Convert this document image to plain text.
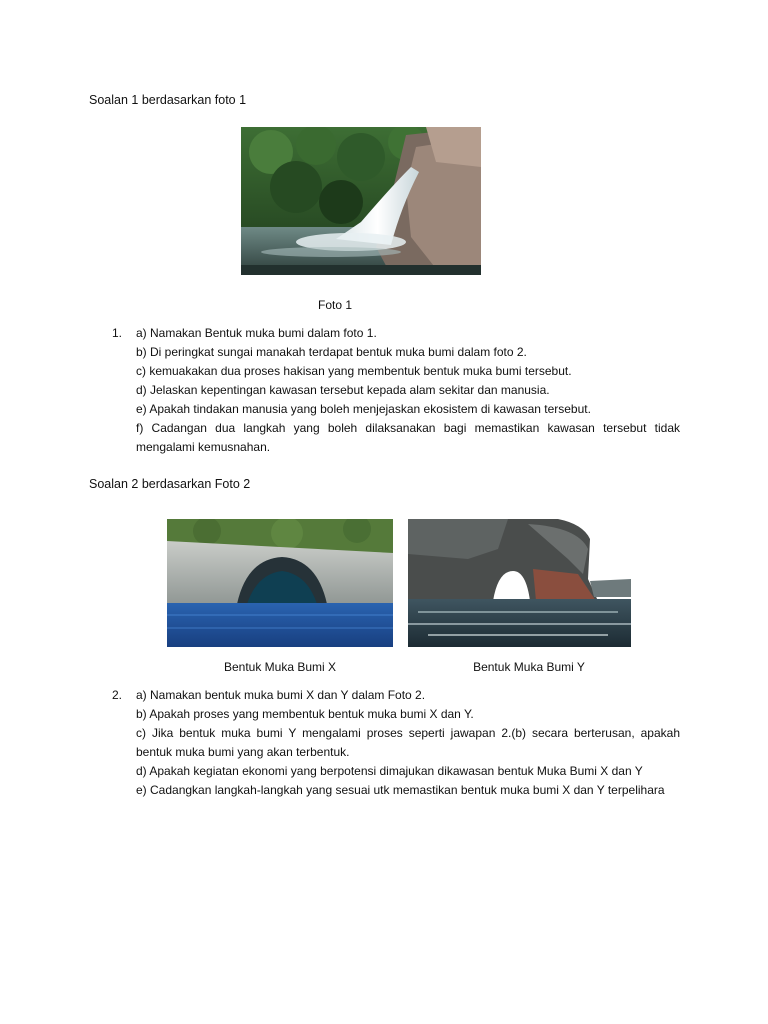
Soalan 1 berdasarkan foto 1
Foto 1
1. a) Namakan Bentuk muka bumi dalam foto 1.
b) Di peringkat sungai manakah terdapat bentuk muka bumi dalam foto 2.
c) kemuakakan dua proses hakisan yang membentuk bentuk muka bumi tersebut.
d) Jelaskan kepentingan kawasan tersebut kepada alam sekitar dan manusia.
e) Apakah tindakan manusia yang boleh menjejaskan ekosistem di kawasan tersebut.
f) Cadangan dua langkah yang boleh dilaksanakan bagi memastikan kawasan tersebut tidak mengalami kemusnahan.
Soalan 2 berdasarkan Foto 2
Bentuk Muka Bumi X	Bentuk Muka Bumi Y
2. a) Namakan bentuk muka bumi X dan Y dalam Foto 2.
b) Apakah proses yang membentuk bentuk muka bumi X dan Y.
c) Jika bentuk muka bumi Y mengalami proses seperti jawapan 2.(b) secara berterusan, apakah bentuk muka bumi yang akan terbentuk.
d) Apakah kegiatan ekonomi yang berpotensi dimajukan dikawasan bentuk Muka Bumi X dan Y
e) Cadangkan langkah-langkah yang sesuai utk memastikan bentuk muka bumi X dan Y terpelihara
